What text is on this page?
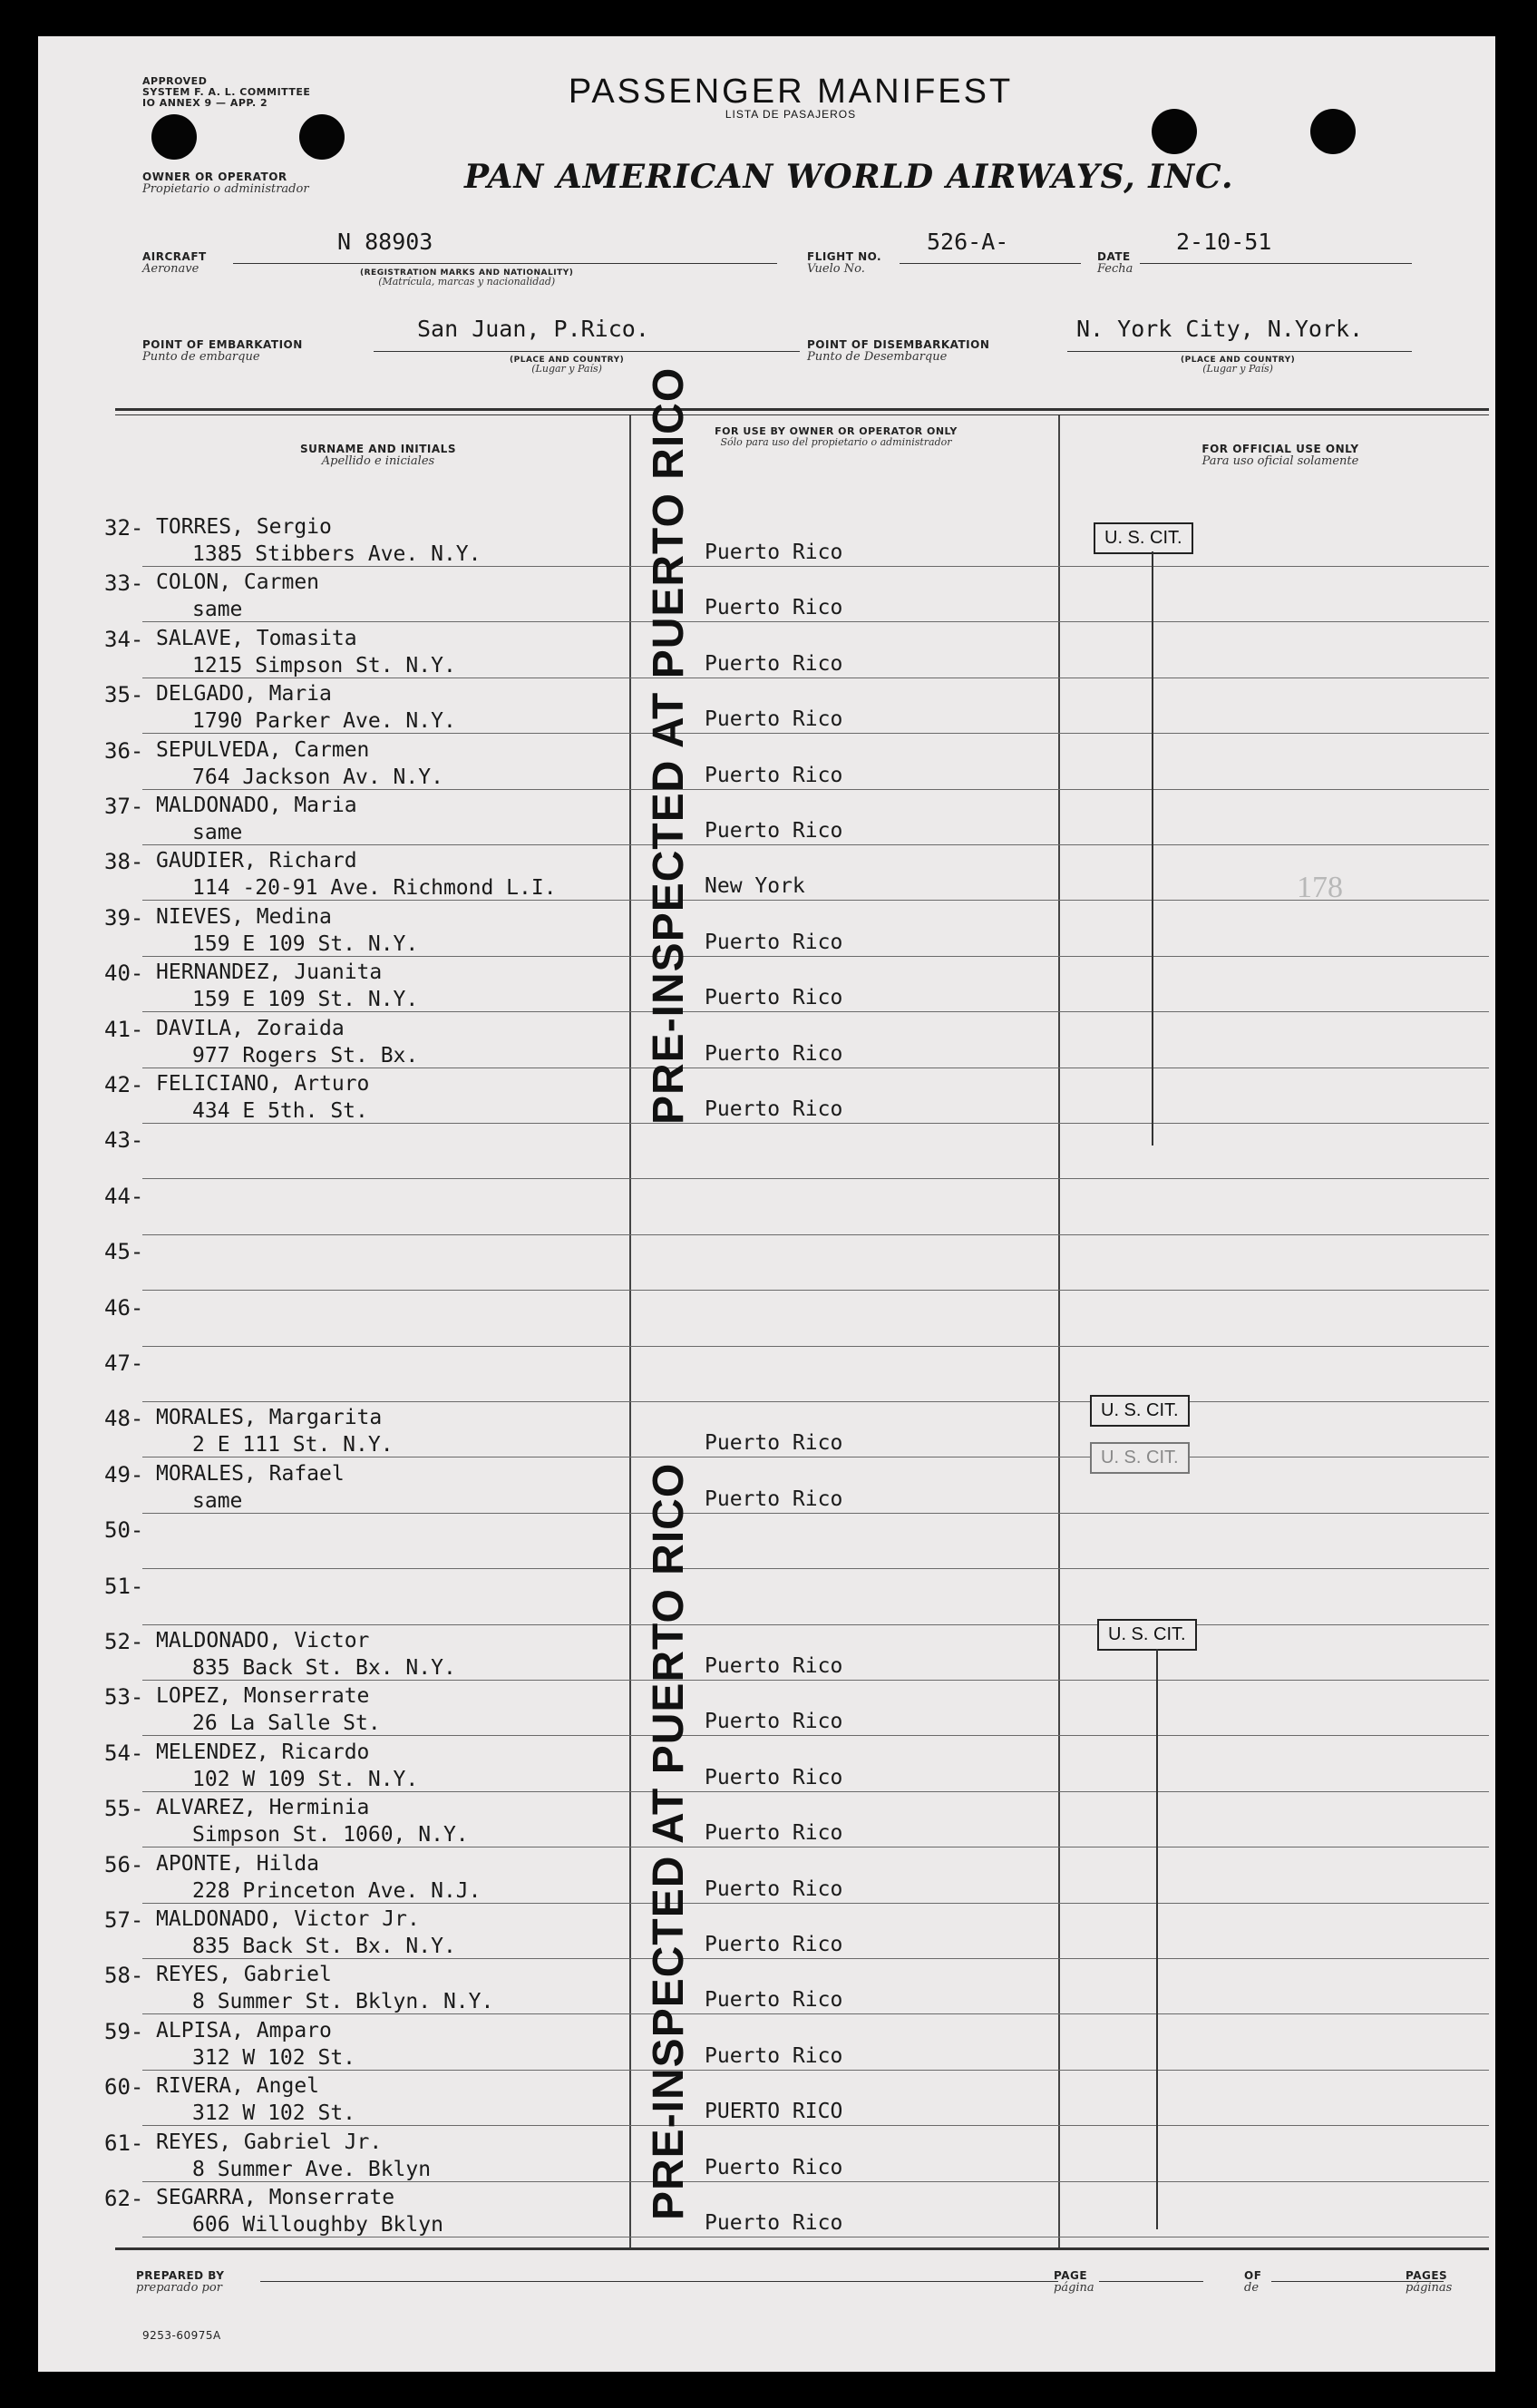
APPROVED
SYSTEM F. A. L. COMMITTEE
IO ANNEX 9 — APP. 2	PASSENGER MANIFEST
LISTA DE PASAJEROS
OWNER OR OPERATOR
Propietario o administrador	PAN AMERICAN WORLD AIRWAYS, INC.
AIRCRAFT
Aeronave
N 88903
(REGISTRATION MARKS AND NATIONALITY)
(Matrícula, marcas y nacionalidad)
FLIGHT NO.
Vuelo No.
526-A-
DATE
Fecha
2-10-51
POINT OF EMBARKATION
Punto de embarque
San Juan, P.Rico.
(PLACE AND COUNTRY)
(Lugar y País)
POINT OF DISEMBARKATION
Punto de Desembarque
N. York City, N.York.
(PLACE AND COUNTRY)
(Lugar y País)
SURNAME AND INITIALS
Apellido e iniciales
FOR USE BY OWNER OR OPERATOR ONLY
Sólo para uso del propietario o administrador
FOR OFFICIAL USE ONLY
Para uso oficial solamente
32- TORRES, Sergio
1385 Stibbers Ave. N.Y.	Puerto Rico
33- COLON, Carmen
same	Puerto Rico
34- SALAVE, Tomasita
1215 Simpson St. N.Y.	Puerto Rico
35- DELGADO, Maria
1790 Parker Ave. N.Y.	Puerto Rico
36- SEPULVEDA, Carmen
764 Jackson Av. N.Y.	Puerto Rico
37- MALDONADO, Maria
same	Puerto Rico
38- GAUDIER, Richard
114 -20-91 Ave. Richmond L.I.	New York
39- NIEVES, Medina
159 E 109 St. N.Y.	Puerto Rico
40- HERNANDEZ, Juanita
159 E 109 St. N.Y.	Puerto Rico
41- DAVILA, Zoraida
977 Rogers St. Bx.	Puerto Rico
42- FELICIANO, Arturo
434 E 5th. St.	Puerto Rico
43-
44-
45-
46-
47-
48- MORALES, Margarita
2 E 111 St. N.Y.	Puerto Rico
49- MORALES, Rafael
same	Puerto Rico
50-
51-
52- MALDONADO, Victor
835 Back St. Bx. N.Y.	Puerto Rico
53- LOPEZ, Monserrate
26 La Salle St.	Puerto Rico
54- MELENDEZ, Ricardo
102 W 109 St. N.Y.	Puerto Rico
55- ALVAREZ, Herminia
Simpson St. 1060, N.Y.	Puerto Rico
56- APONTE, Hilda
228 Princeton Ave. N.J.	Puerto Rico
57- MALDONADO, Victor Jr.
835 Back St. Bx. N.Y.	Puerto Rico
58- REYES, Gabriel
8 Summer St. Bklyn. N.Y.	Puerto Rico
59- ALPISA, Amparo
312 W 102 St.	Puerto Rico
60- RIVERA, Angel
312 W 102 St.	PUERTO RICO
61- REYES, Gabriel Jr.
8 Summer Ave. Bklyn	Puerto Rico
62- SEGARRA, Monserrate
606 Willoughby Bklyn	Puerto Rico
PRE-INSPECTED AT PUERTO RICO
PRE-INSPECTED AT PUERTO RICO
U. S. CIT.
U. S. CIT.
U. S. CIT.
U. S. CIT.
178
PREPARED BY
preparado por
PAGE
página
OF
de
PAGES
páginas
9253-60975A
